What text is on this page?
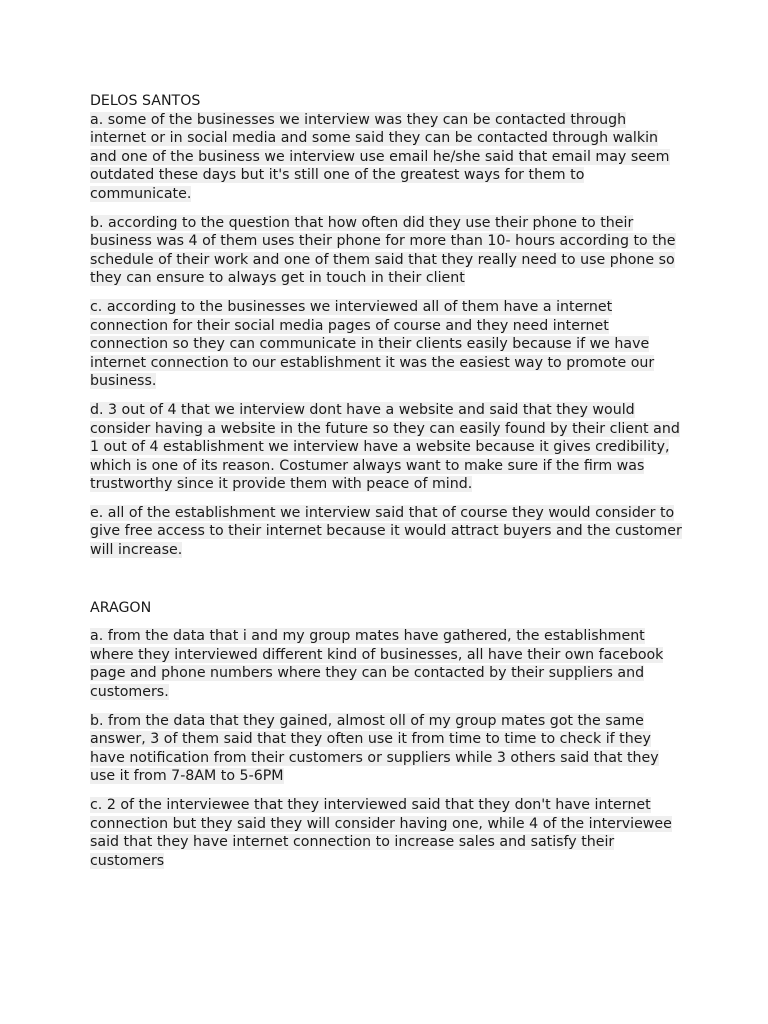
DELOS SANTOS

a. some of the businesses we interview was they can be contacted through internet or in social media and some said they can be contacted through walkin and one of the business we interview use email he/she said that email may seem outdated these days but it's still one of the greatest ways for them to communicate.

b. according to the question that how often did they use their phone to their business was 4 of them uses their phone for more than 10- hours according to the schedule of their work and one of them said that they really need to use phone so they can ensure to always get in touch in their client

c. according to the businesses we interviewed all of them have a internet connection for their social media pages of course and they need internet connection so they can communicate in their clients easily because if we have internet connection to our establishment it was the easiest way to promote our business.

d. 3 out of 4 that we interview dont have a website and said that they would consider having a website in the future so they can easily found by their client and 1 out of 4 establishment we interview have a website because it gives credibility, which is one of its reason. Costumer always want to make sure if the firm was trustworthy since it provide them with peace of mind.

e. all of the establishment we interview said that of course they would consider to give free access to their internet because it would attract buyers and the customer will increase.

ARAGON

a. from the data that i and my group mates have gathered, the establishment where they interviewed different kind of businesses, all have their own facebook page and phone numbers where they can be contacted by their suppliers and customers.

b. from the data that they gained, almost oll of my group mates got the same answer, 3 of them said that they often use it from time to time to check if they have notification from their customers or suppliers while 3 others said that they use it from 7-8AM to 5-6PM

c. 2 of the interviewee that they interviewed said that they don't have internet connection but they said they will consider having one, while 4 of the interviewee said that they have internet connection to increase sales and satisfy their customers
